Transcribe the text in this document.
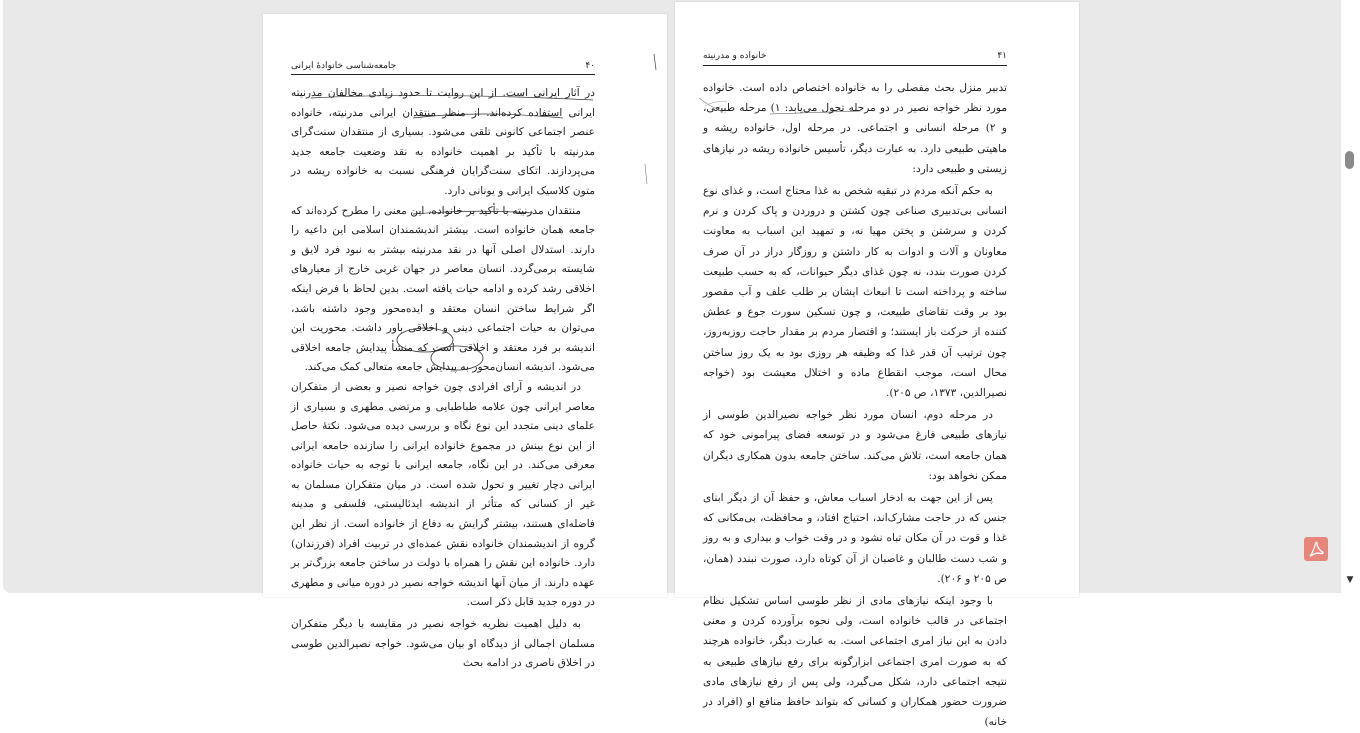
۴۰
جامعه‌شناسی خانوادهٔ ایرانی

در آثار ایرانی است. از این روایت تا حدود زیادی مخالفان مدرنیته ایرانی استفاده کرده‌اند. از منظر منتقدان ایرانی مدرنیته، خانواده عنصر اجتماعی کانونی تلقی می‌شود. بسیاری از منتقدان سنت‌گرای مدرنیته با تأکید بر اهمیت خانواده به نقد وضعیت جامعه جدید می‌پردازند. اتکای سنت‌گرایان فرهنگی نسبت به خانواده ریشه در متون کلاسیک ایرانی و یونانی دارد.

منتقدان مدرنیته با تأکید بر خانواده، این معنی را مطرح کرده‌اند که جامعه همان خانواده است. بیشتر اندیشمندان اسلامی این داعیه را دارند. استدلال اصلی آنها در نقد مدرنیته بیشتر به نبود فرد لایق و شایسته برمی‌گردد. انسان معاصر در جهان غربی خارج از معیارهای اخلاقی رشد کرده و ادامه حیات یافته است. بدین لحاظ با فرض اینکه اگر شرایط ساختن انسان معتقد و ایده‌محور وجود داشته باشد، می‌توان به حیات اجتماعی دینی و اخلاقی باور داشت. محوریت این اندیشه بر فرد معتقد و اخلاقی است که منشأ پیدایش جامعه اخلاقی می‌شود. اندیشه انسان‌محور به پیدایش جامعه متعالی کمک می‌کند.

در اندیشه و آرای افرادی چون خواجه نصیر و بعضی از متفکران معاصر ایرانی چون علامه طباطبایی و مرتضی مطهری و بسیاری از علمای دینی متجدد این نوع نگاه و بررسی دیده می‌شود. نکتهٔ حاصل از این نوع بینش در مجموع خانواده ایرانی را سازنده جامعه ایرانی معرفی می‌کند. در این نگاه، جامعه ایرانی با توجه به حیات خانواده ایرانی دچار تغییر و تحول شده است. در میان متفکران مسلمان به غیر از کسانی که متأثر از اندیشه ایدئالیستی، فلسفی و مدینه فاضله‌ای هستند، بیشتر گرایش به دفاع از خانواده است. از نظر این گروه از اندیشمندان خانواده نقش عمده‌ای در تربیت افراد (فرزندان) دارد. خانواده این نقش را همراه با دولت در ساختن جامعه بزرگ‌تر بر عهده دارند. از میان آنها اندیشه خواجه نصیر در دوره میانی و مطهری در دوره جدید قابل ذکر است.

به دلیل اهمیت نظریه خواجه نصیر در مقایسه با دیگر متفکران مسلمان اجمالی از دیدگاه او بیان می‌شود. خواجه نصیرالدین طوسی در اخلاق ناصری در ادامه بحث

۴۱
خانواده و مدرنیته

تدبیر منزل بحث مفصلی را به خانواده اختصاص داده است. خانواده مورد نظر خواجه نصیر در دو مرحله تحول می‌یابد: ۱) مرحله طبیعی، و ۲) مرحله انسانی و اجتماعی. در مرحله اول، خانواده ریشه و ماهیتی طبیعی دارد. به عبارت دیگر، تأسیس خانواده ریشه در نیازهای زیستی و طبیعی دارد:

به حکم آنکه مردم در تبقیه شخص به غذا محتاج است، و غذای نوع انسانی بی‌تدبیری صناعی چون کشتن و دروردن و پاک کردن و نرم کردن و سرشتن و پختن مهیا نه، و تمهید این اسباب به معاونت معاونان و آلات و ادوات به کار داشتن و روزگار دراز در آن صرف کردن صورت بندد، نه چون غذای دیگر حیوانات، که به حسب طبیعت ساخته و پرداخته است تا انبعاث ایشان بر طلب علف و آب مقصور بود بر وقت تقاضای طبیعت، و چون تسکین سورت جوع و عطش کننده از حرکت باز ایستند؛ و اقتصار مردم بر مقدار حاجت روزبه‌روز، چون ترتیب آن قدر غذا که وظیفه هر روزی بود به یک روز ساختن محال است، موجب انقطاع ماده و اختلال معیشت بود (خواجه نصیرالدین، ۱۳۷۳، ص ۲۰۵).

در مرحله دوم، انسان مورد نظر خواجه نصیرالدین طوسی از نیازهای طبیعی فارغ می‌شود و در توسعه فضای پیرامونی خود که همان جامعه است، تلاش می‌کند. ساختن جامعه بدون همکاری دیگران ممکن نخواهد بود:

پس از این جهت به ادخار اسباب معاش، و حفظ آن از دیگر ابنای جنس که در حاجت مشارک‌اند، احتیاج افتاد، و محافظت، بی‌مکانی که غذا و قوت در آن مکان تباه نشود و در وقت خواب و بیداری و به روز و شب دست طالبان و غاصبان از آن کوتاه دارد، صورت نبندد (همان، ص ۲۰۵ و ۲۰۶).

با وجود اینکه نیازهای مادی از نظر طوسی اساس تشکیل نظام اجتماعی در قالب خانواده است، ولی نحوه برآورده کردن و معنی دادن به این نیاز امری اجتماعی است. به عبارت دیگر، خانواده هرچند که به صورت امری اجتماعی ابزارگونه برای رفع نیازهای طبیعی به نتیجه اجتماعی دارد، شکل می‌گیرد، ولی پس از رفع نیازهای مادی ضرورت حضور همکاران و کسانی که بتواند حافظ منافع او (افراد در خانه)

▼
